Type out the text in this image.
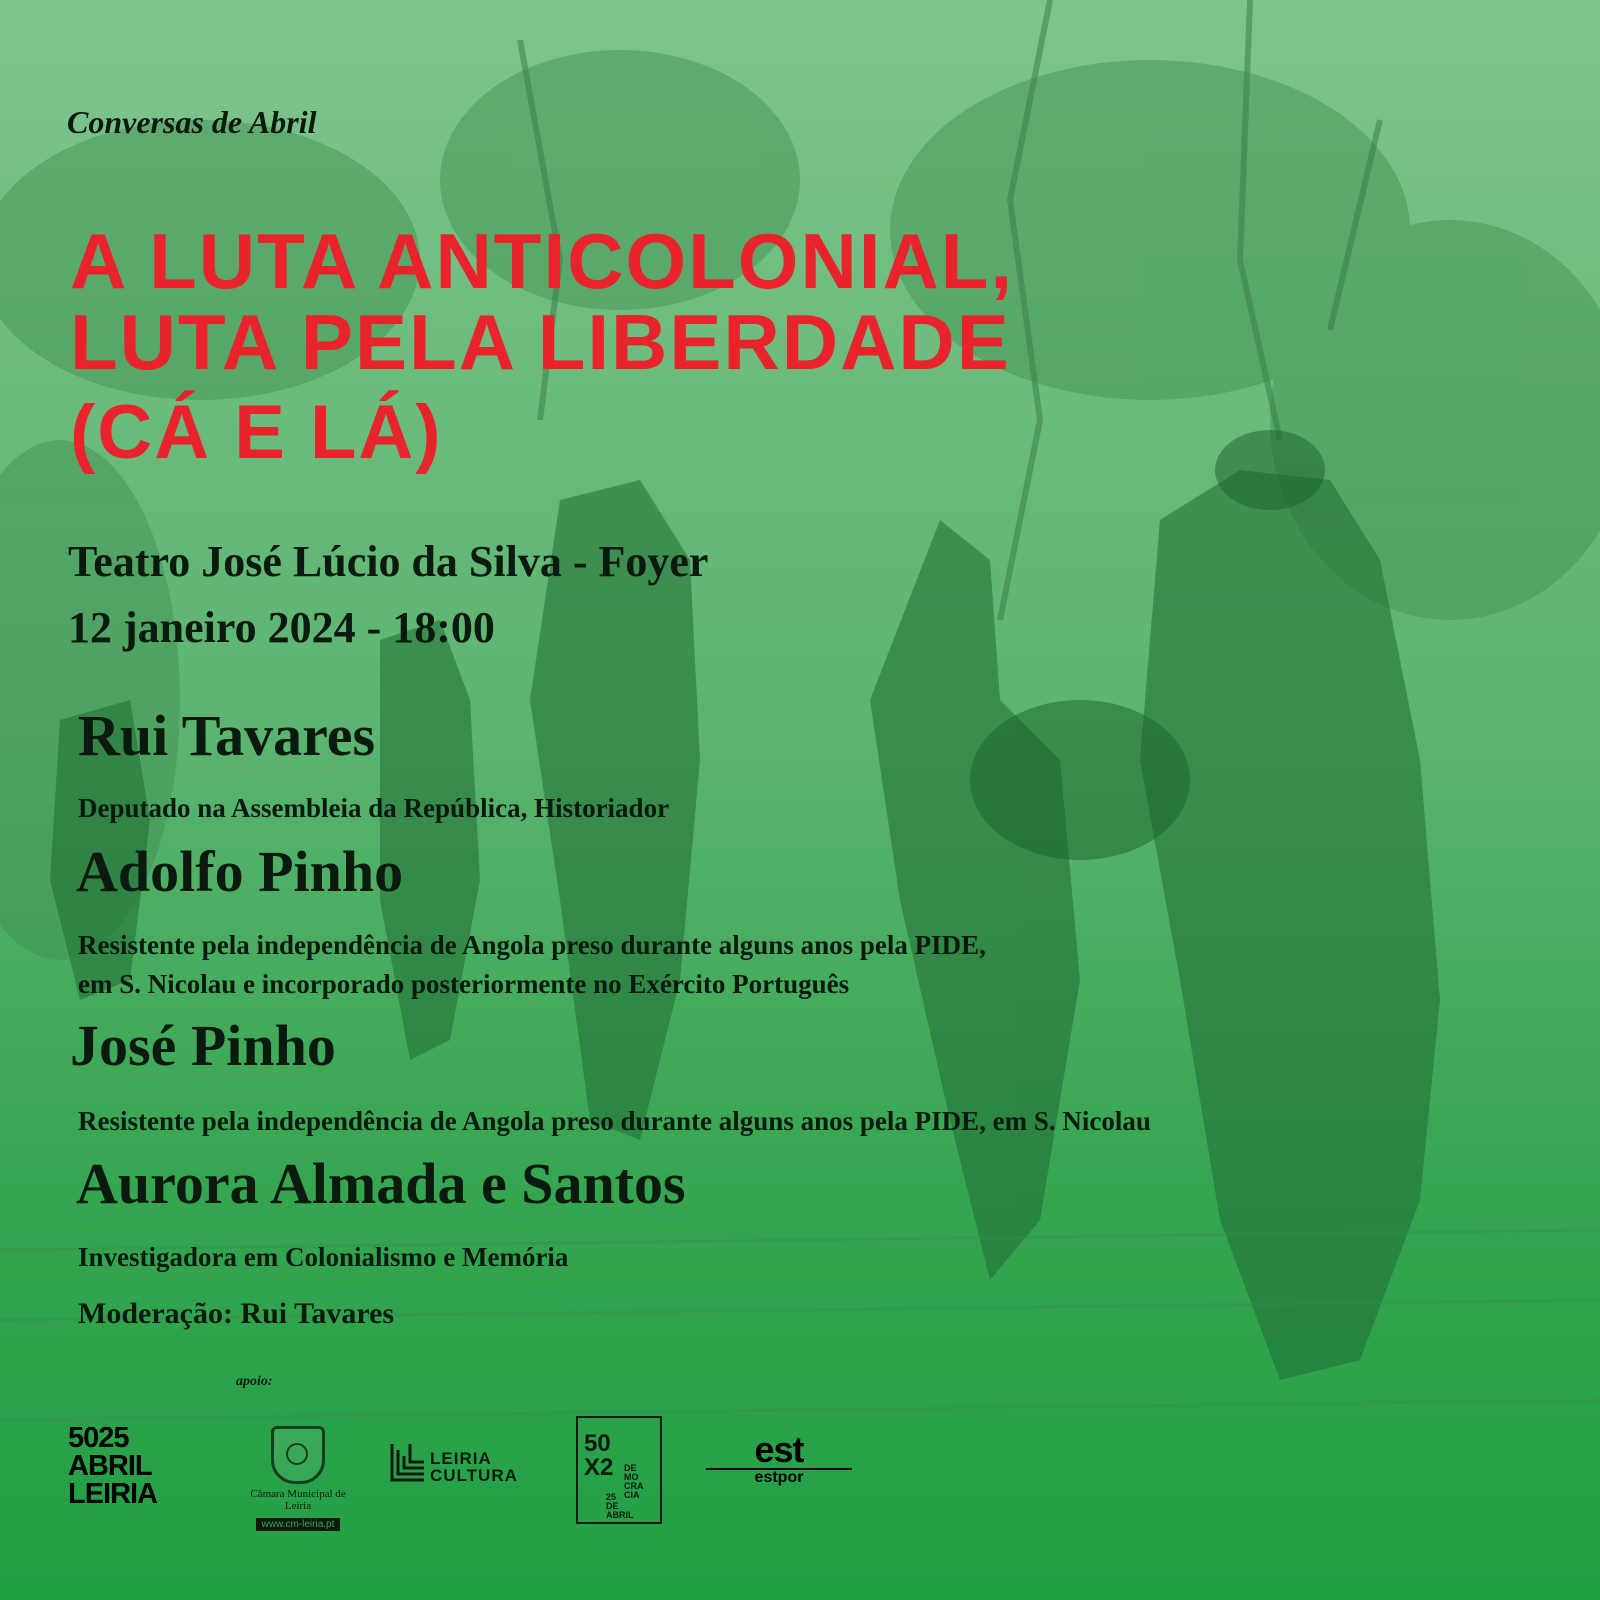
Conversas de Abril

A LUTA ANTICOLONIAL,
LUTA PELA LIBERDADE
(CÁ E LÁ)

Teatro José Lúcio da Silva - Foyer

12 janeiro 2024 - 18:00

Rui Tavares

Deputado na Assembleia da República, Historiador

Adolfo Pinho

Resistente pela independência de Angola preso durante alguns anos pela PIDE,

em S. Nicolau e incorporado posteriormente no Exército Português

José Pinho

Resistente pela independência de Angola preso durante alguns anos pela PIDE, em S. Nicolau

Aurora Almada e Santos

Investigadora em Colonialismo e Memória

Moderação: Rui Tavares

apoio:

5025
ABRIL
LEIRIA	Câmara Municipal de Leiria
www.cm-leiria.pt
LEIRIA
CULTURA
50
X2 DE
MO
CRA
CIA
25
DE
ABRIL
est
estpor
